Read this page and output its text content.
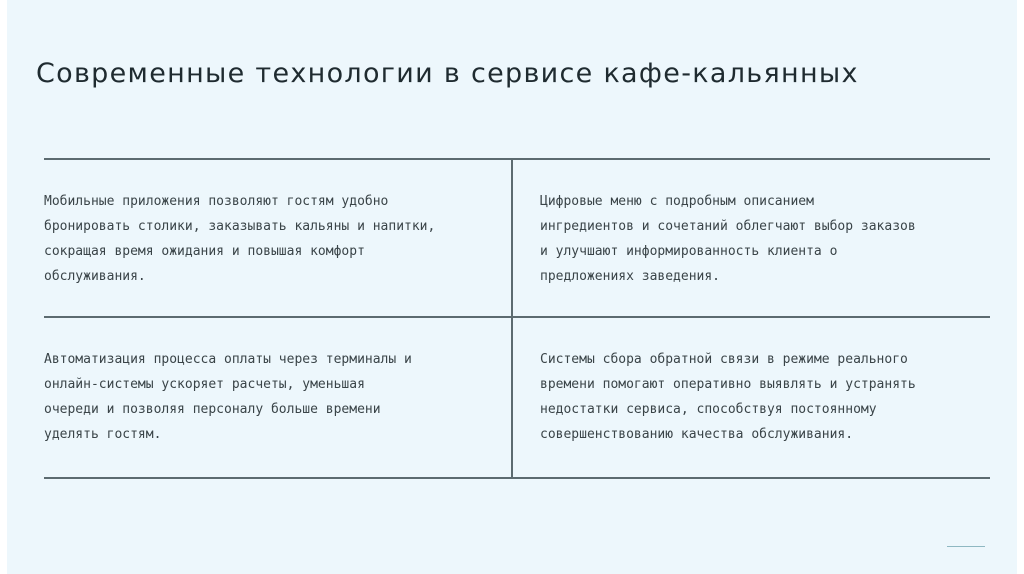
Современные технологии в сервисе кафе-кальянных
Мобильные приложения позволяют гостям удобно
бронировать столики, заказывать кальяны и напитки,
сокращая время ожидания и повышая комфорт
обслуживания.
Цифровые меню с подробным описанием
ингредиентов и сочетаний облегчают выбор заказов
и улучшают информированность клиента о
предложениях заведения.
Автоматизация процесса оплаты через терминалы и
онлайн-системы ускоряет расчеты, уменьшая
очереди и позволяя персоналу больше времени
уделять гостям.
Системы сбора обратной связи в режиме реального
времени помогают оперативно выявлять и устранять
недостатки сервиса, способствуя постоянному
совершенствованию качества обслуживания.
